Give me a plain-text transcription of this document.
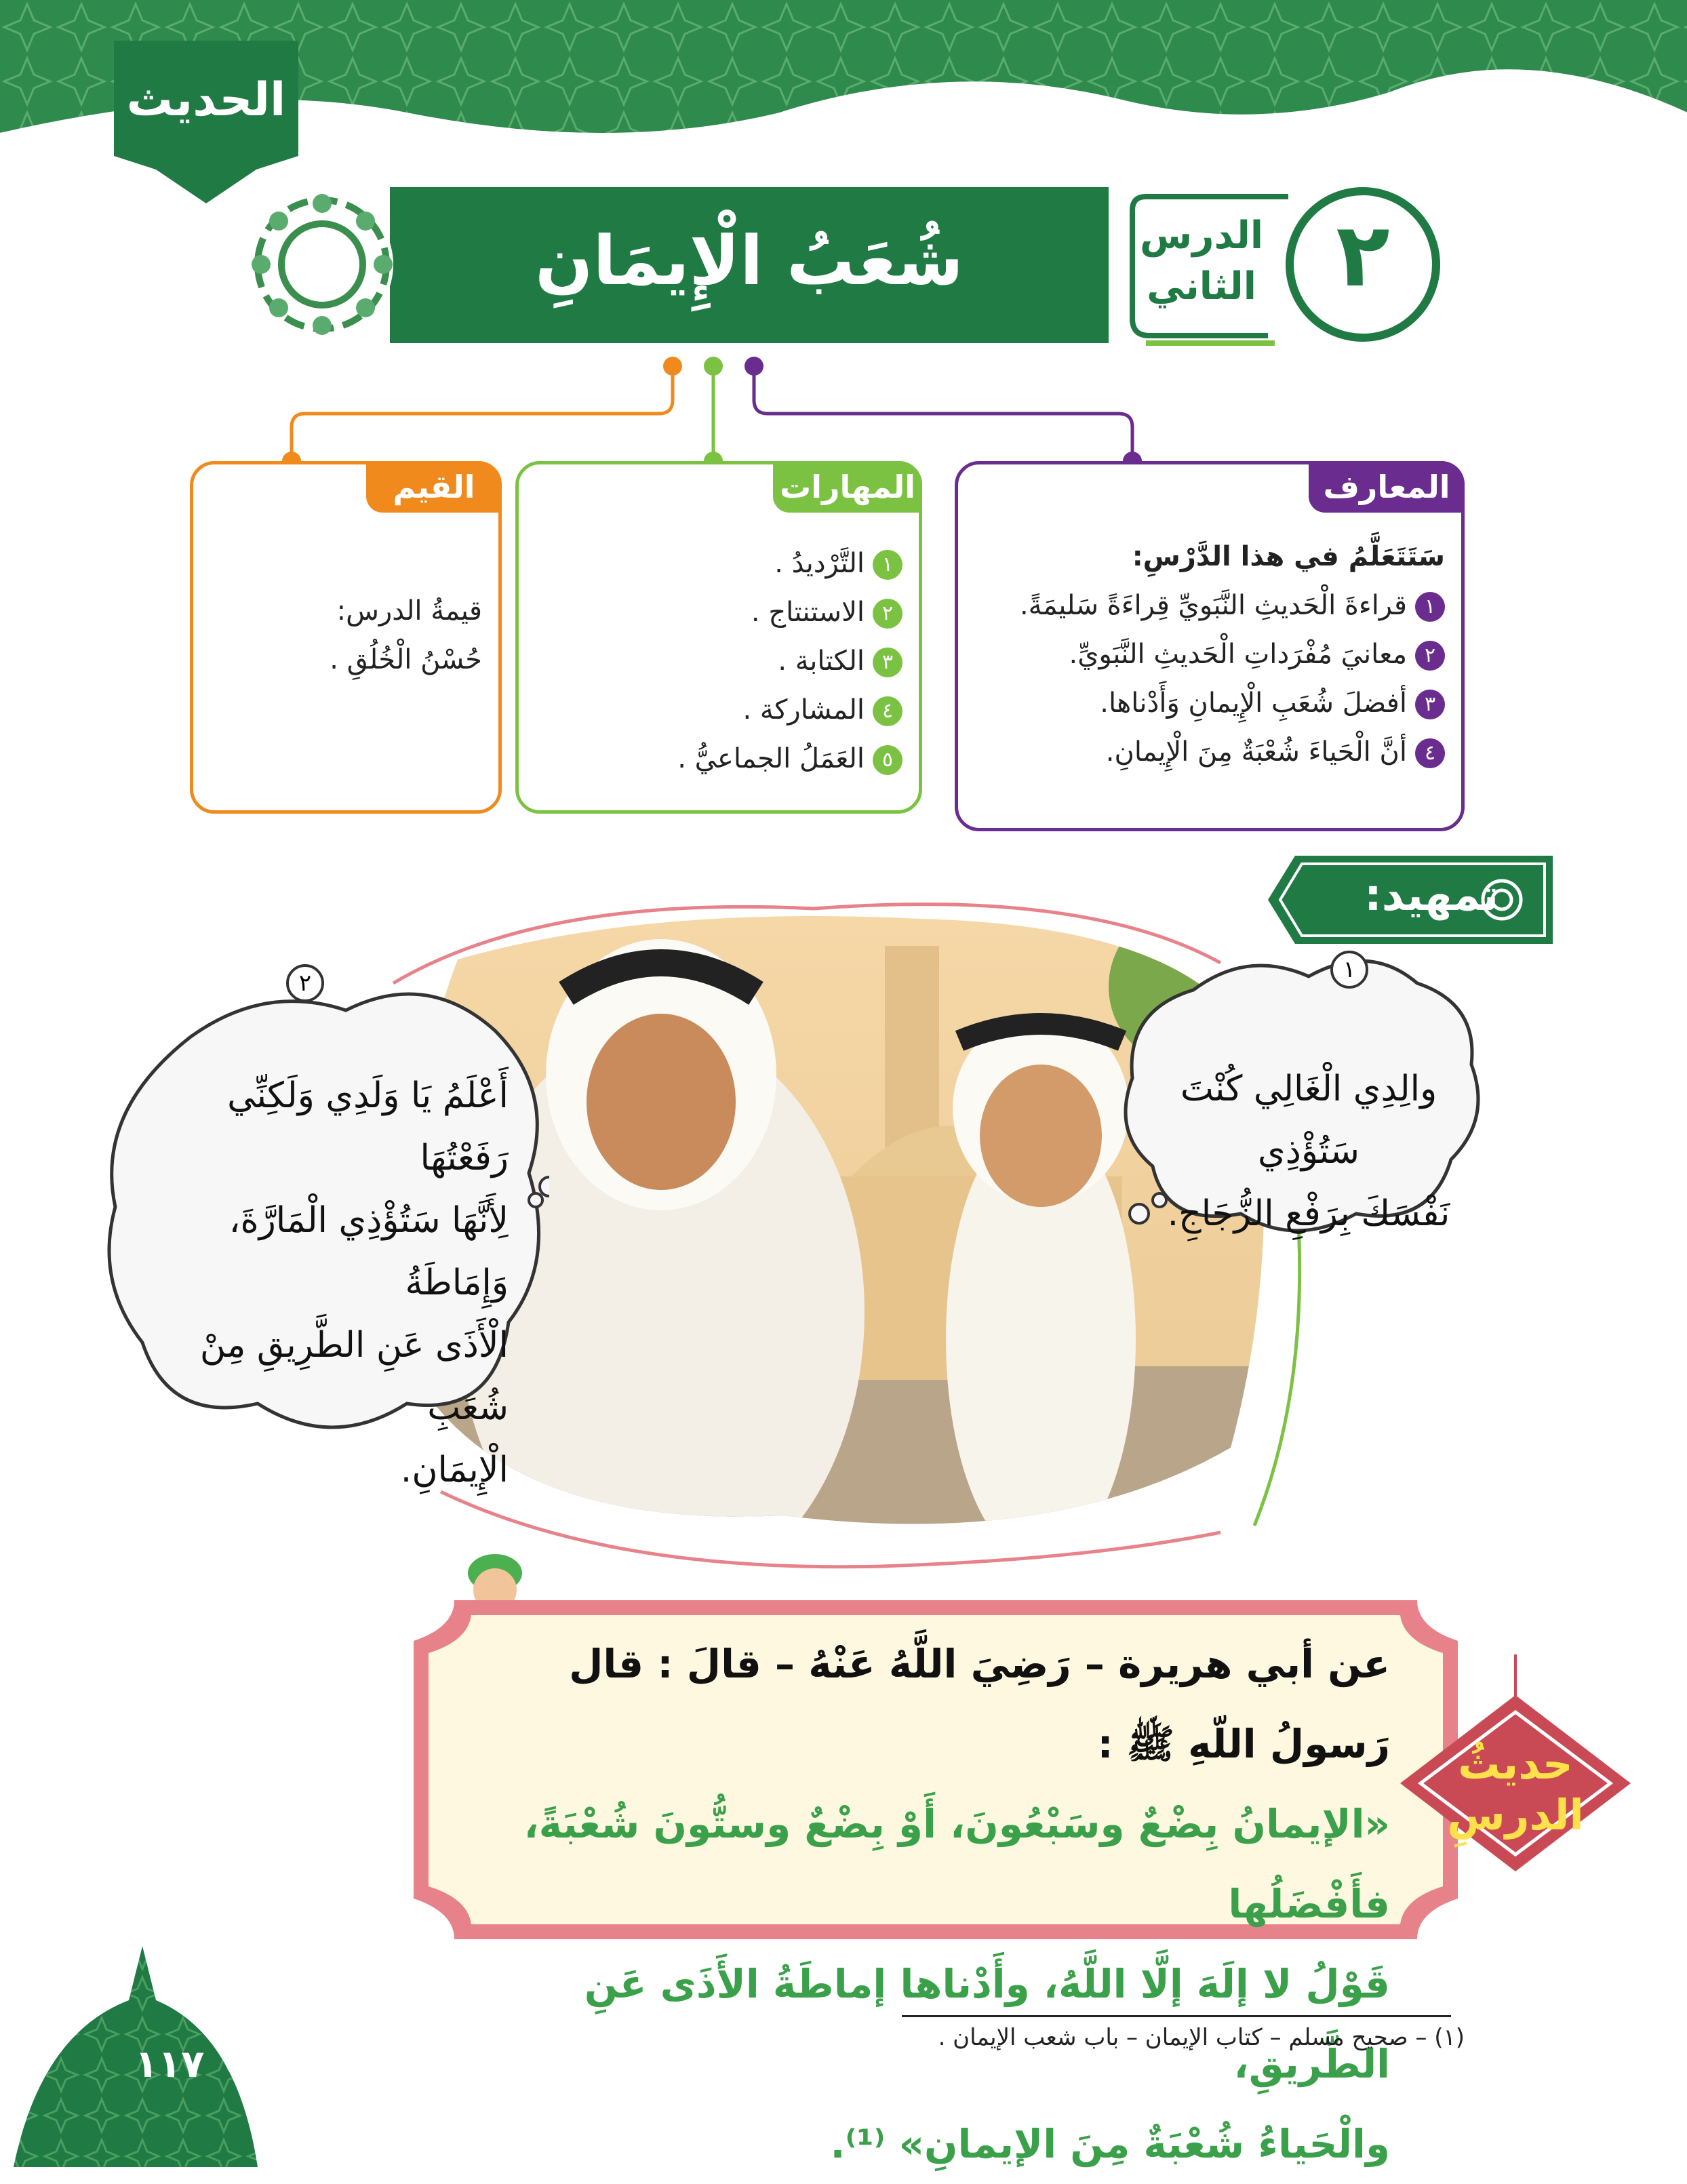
الحديث
٢
الدرس
الثاني
شُعَبُ الْإِيمَانِ
المعارف
سَتَتَعَلَّمُ في هذا الدَّرْسِ:
١قراءةَ الْحَديثِ النَّبَويِّ قِراءَةً سَليمَةً.
٢معانيَ مُفْرَداتِ الْحَديثِ النَّبَويِّ.
٣أفضلَ شُعَبِ الْإِيمانِ وَأَدْناها.
٤أنَّ الْحَياءَ شُعْبَةٌ مِنَ الْإِيمانِ.
المهارات
١التَّرْديدُ .
٢الاستنتاج .
٣الكتابة .
٤المشاركة .
٥العَمَلُ الجماعيُّ .
القيم
قيمةُ الدرس:
حُسْنُ الْخُلُقِ .
تمهيد:
١
والِدِي الْغَالِي كُنْتَ سَتُؤْذِي
نَفْسَكَ بِرَفْعِ الزُّجَاجِ.
٢
أَعْلَمُ يَا وَلَدِي وَلَكِنِّي رَفَعْتُهَا
لِأَنَّهَا سَتُؤْذِي الْمَارَّةَ، وَإِمَاطَةُ
الْأَذَى عَنِ الطَّرِيقِ مِنْ شُعَبِ
الْإِيمَانِ.
عن أبي هريرة – رَضِيَ اللَّهُ عَنْهُ – قالَ : قال رَسولُ اللّهِ ﷺ :
«الإيمانُ بِضْعٌ وسَبْعُونَ، أَوْ بِضْعٌ وستُّونَ شُعْبَةً، فأَفْضَلُها
قَوْلُ لا إلَهَ إلَّا اللَّهُ، وأَدْناها إماطَةُ الأَذَى عَنِ الطَّريقِ،
والْحَياءُ شُعْبَةٌ مِنَ الإيمانِ» ⁽¹⁾.
حديثُ
الدرسِ
(١) – صحيح مسلم – كتاب الإيمان – باب شعب الإيمان .
١١٧
